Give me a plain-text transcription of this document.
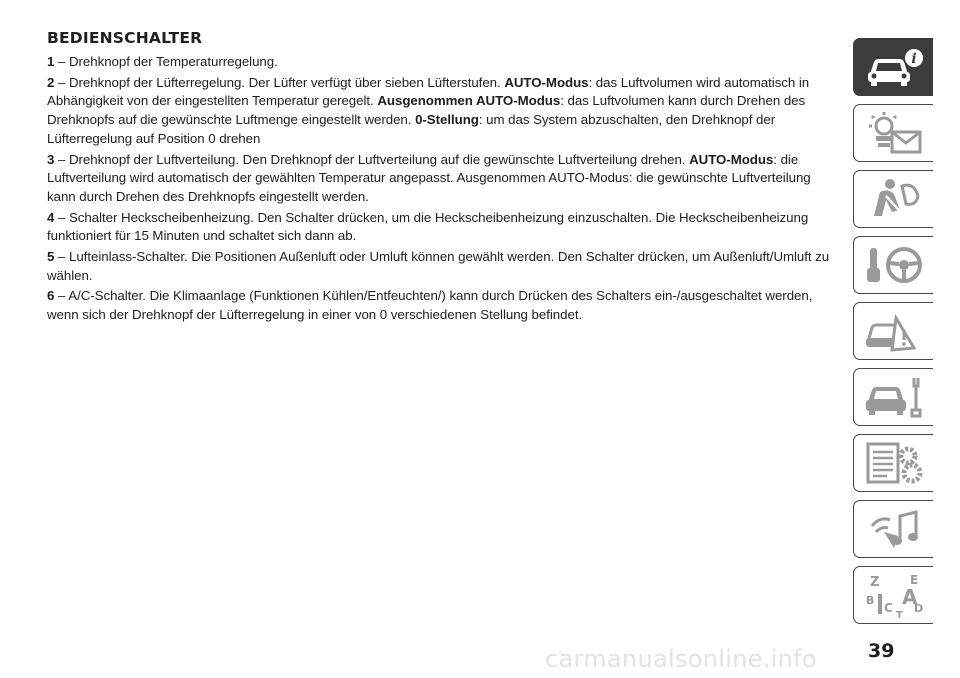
BEDIENSCHALTER

1 – Drehknopf der Temperaturregelung.

2 – Drehknopf der Lüfterregelung. Der Lüfter verfügt über sieben Lüfterstufen. AUTO-Modus: das Luftvolumen wird automatisch in Abhängigkeit von der eingestellten Temperatur geregelt. Ausgenommen AUTO-Modus: das Luftvolumen kann durch Drehen des Drehknopfs auf die gewünschte Luftmenge eingestellt werden. 0-Stellung: um das System abzuschalten, den Drehknopf der Lüfterregelung auf Position 0 drehen

3 – Drehknopf der Luftverteilung. Den Drehknopf der Luftverteilung auf die gewünschte Luftverteilung drehen. AUTO-Modus: die Luftverteilung wird automatisch der gewählten Temperatur angepasst. Ausgenommen AUTO-Modus: die gewünschte Luftverteilung kann durch Drehen des Drehknopfs eingestellt werden.

4 – Schalter Heckscheibenheizung. Den Schalter drücken, um die Heckscheibenheizung einzuschalten. Die Heckscheibenheizung funktioniert für 15 Minuten und schaltet sich dann ab.

5 – Lufteinlass-Schalter. Die Positionen Außenluft oder Umluft können gewählt werden. Den Schalter drücken, um Außenluft/Umluft zu wählen.

6 – A/C-Schalter. Die Klimaanlage (Funktionen Kühlen/Entfeuchten/) kann durch Drücken des Schalters ein-/ausgeschaltet werden, wenn sich der Drehknopf der Lüfterregelung in einer von 0 verschiedenen Stellung befindet.

i
Z	E
B A
C D
T
carmanualsonline.info	39
